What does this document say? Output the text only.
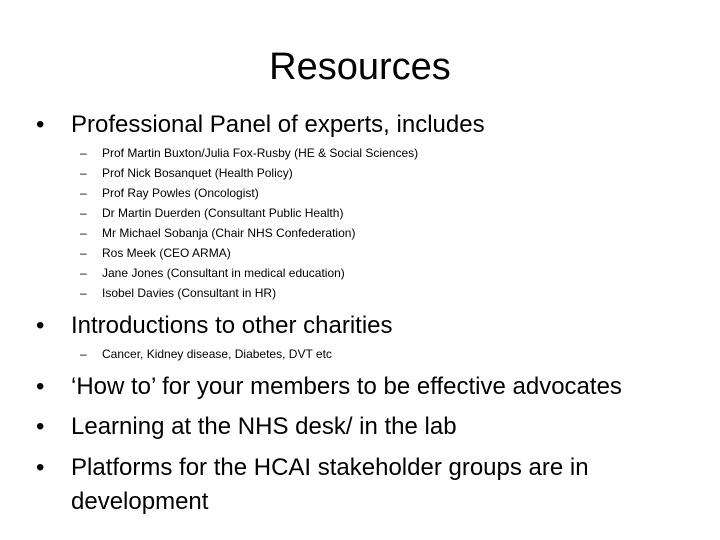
Resources
• Professional Panel of experts, includes
– Prof Martin Buxton/Julia Fox-Rusby (HE & Social Sciences)
– Prof Nick Bosanquet (Health Policy)
– Prof Ray Powles (Oncologist)
– Dr Martin Duerden (Consultant Public Health)
– Mr Michael Sobanja (Chair NHS Confederation)
– Ros Meek (CEO ARMA)
– Jane Jones (Consultant in medical education)
– Isobel Davies (Consultant in HR)
• Introductions to other charities
– Cancer, Kidney disease, Diabetes, DVT etc
• ‘How to’ for your members to be effective advocates
• Learning at the NHS desk/ in the lab
• Platforms for the HCAI stakeholder groups are in development
